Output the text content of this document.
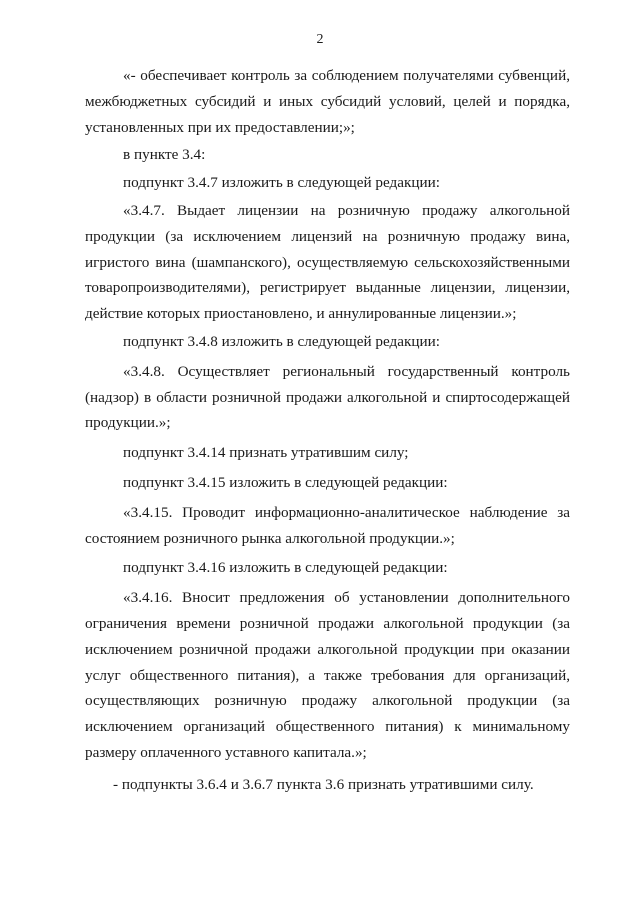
2

«- обеспечивает контроль за соблюдением получателями субвенций, межбюджетных субсидий и иных субсидий условий, целей и порядка, установленных при их предоставлении;»;

в пункте 3.4:

подпункт 3.4.7 изложить в следующей редакции:

«3.4.7. Выдает лицензии на розничную продажу алкогольной продукции (за исключением лицензий на розничную продажу вина, игристого вина (шампанского), осуществляемую сельскохозяйственными товаропроизводителями), регистрирует выданные лицензии, лицензии, действие которых приостановлено, и аннулированные лицензии.»;

подпункт 3.4.8 изложить в следующей редакции:

«3.4.8. Осуществляет региональный государственный контроль (надзор) в области розничной продажи алкогольной и спиртосодержащей продукции.»;

подпункт 3.4.14 признать утратившим силу;

подпункт 3.4.15 изложить в следующей редакции:

«3.4.15. Проводит информационно-аналитическое наблюдение за состоянием розничного рынка алкогольной продукции.»;

подпункт 3.4.16 изложить в следующей редакции:

«3.4.16. Вносит предложения об установлении дополнительного ограничения времени розничной продажи алкогольной продукции (за исключением розничной продажи алкогольной продукции при оказании услуг общественного питания), а также требования для организаций, осуществляющих розничную продажу алкогольной продукции (за исключением организаций общественного питания) к минимальному размеру оплаченного уставного капитала.»;

- подпункты 3.6.4 и 3.6.7 пункта 3.6 признать утратившими силу.
